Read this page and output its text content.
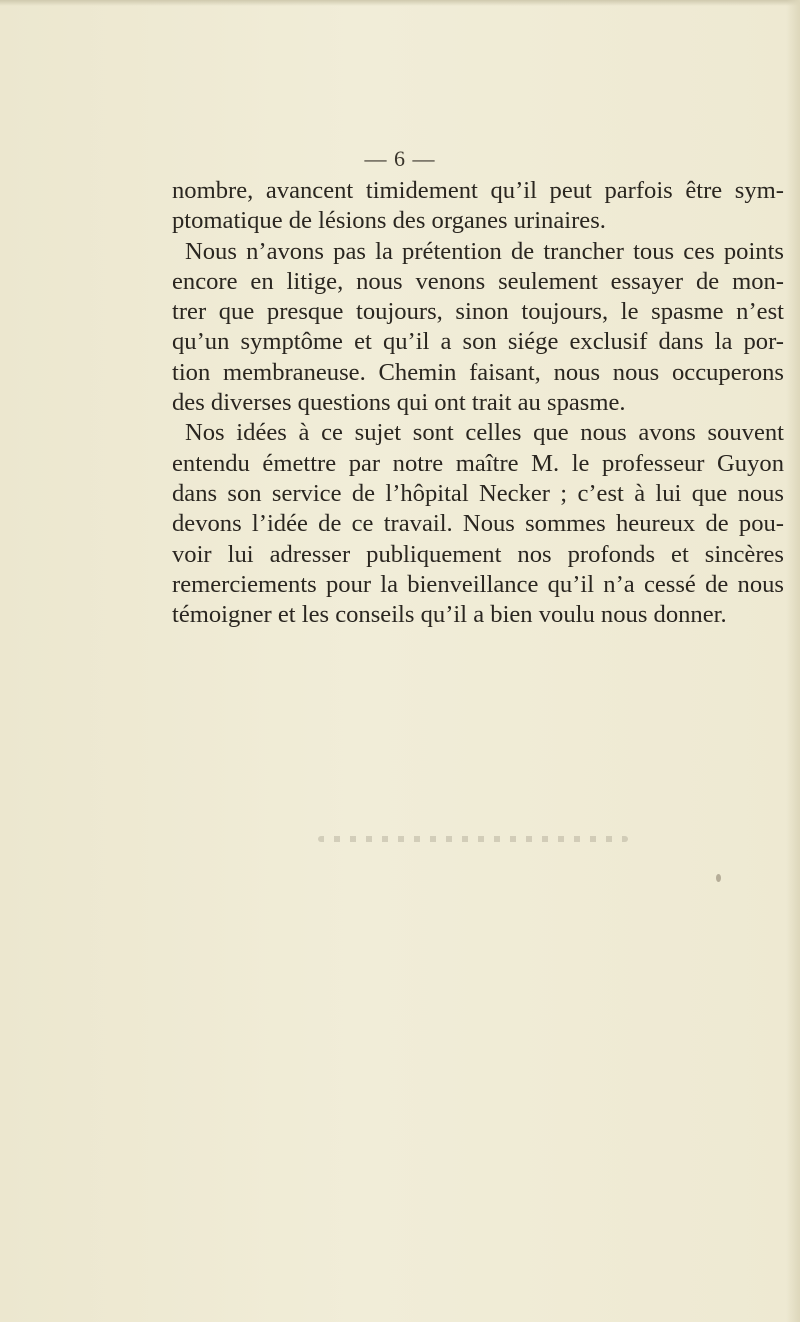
— 6 —
nombre, avancent timidement qu’il peut parfois être sym-
ptomatique de lésions des organes urinaires.
Nous n’avons pas la prétention de trancher tous ces points
encore en litige, nous venons seulement essayer de mon-
trer que presque toujours, sinon toujours, le spasme n’est
qu’un symptôme et qu’il a son siége exclusif dans la por-
tion membraneuse. Chemin faisant, nous nous occuperons
des diverses questions qui ont trait au spasme.
Nos idées à ce sujet sont celles que nous avons souvent
entendu émettre par notre maître M. le professeur Guyon
dans son service de l’hôpital Necker ; c’est à lui que nous
devons l’idée de ce travail. Nous sommes heureux de pou-
voir lui adresser publiquement nos profonds et sincères
remerciements pour la bienveillance qu’il n’a cessé de nous
témoigner et les conseils qu’il a bien voulu nous donner.
